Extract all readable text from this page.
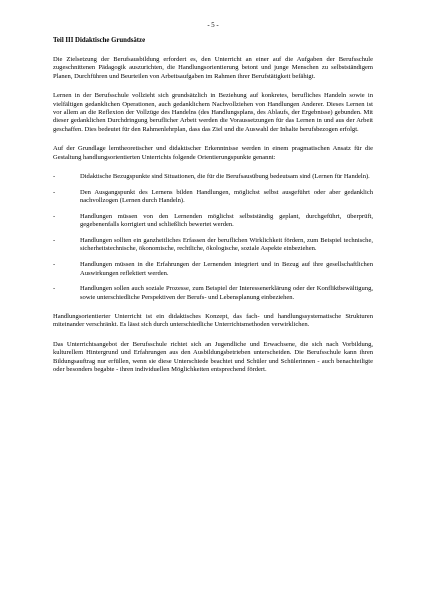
- 5 -
Teil III Didaktische Grundsätze

Die Zielsetzung der Berufsausbildung erfordert es, den Unterricht an einer auf die Aufgaben der Berufsschule zugeschnittenen Pädagogik auszurichten, die Handlungsorientierung betont und junge Menschen zu selbstständigem Planen, Durchführen und Beurteilen von Arbeitsaufgaben im Rahmen ihrer Berufstätigkeit befähigt.

Lernen in der Berufsschule vollzieht sich grundsätzlich in Beziehung auf konkretes, berufliches Handeln sowie in vielfältigen gedanklichen Operationen, auch gedanklichem Nachvollziehen von Handlungen Anderer. Dieses Lernen ist vor allem an die Reflexion der Vollzüge des Handelns (des Handlungsplans, des Ablaufs, der Ergebnisse) gebunden. Mit dieser gedanklichen Durchdringung beruflicher Arbeit werden die Voraussetzungen für das Lernen in und aus der Arbeit geschaffen. Dies bedeutet für den Rahmenlehrplan, dass das Ziel und die Auswahl der Inhalte berufsbezogen erfolgt.

Auf der Grundlage lerntheoretischer und didaktischer Erkenntnisse werden in einem pragmatischen Ansatz für die Gestaltung handlungsorientierten Unterrichts folgende Orientierungspunkte genannt:

-	Didaktische Bezugspunkte sind Situationen, die für die Berufsausübung bedeutsam sind (Lernen für Handeln).
-	Den Ausgangspunkt des Lernens bilden Handlungen, möglichst selbst ausgeführt oder aber gedanklich nachvollzogen (Lernen durch Handeln).
-	Handlungen müssen von den Lernenden möglichst selbstständig geplant, durchgeführt, überprüft, gegebenenfalls korrigiert und schließlich bewertet werden.
-	Handlungen sollten ein ganzheitliches Erfassen der beruflichen Wirklichkeit fördern, zum Beispiel technische, sicherheitstechnische, ökonomische, rechtliche, ökologische, soziale Aspekte einbeziehen.
-	Handlungen müssen in die Erfahrungen der Lernenden integriert und in Bezug auf ihre gesellschaftlichen Auswirkungen reflektiert werden.
-	Handlungen sollen auch soziale Prozesse, zum Beispiel der Interessenerklärung oder der Konfliktbewältigung, sowie unterschiedliche Perspektiven der Berufs- und Lebensplanung einbeziehen.

Handlungsorientierter Unterricht ist ein didaktisches Konzept, das fach- und handlungssystematische Strukturen miteinander verschränkt. Es lässt sich durch unterschiedliche Unterrichtsmethoden verwirklichen.

Das Unterrichtsangebot der Berufsschule richtet sich an Jugendliche und Erwachsene, die sich nach Vorbildung, kulturellem Hintergrund und Erfahrungen aus den Ausbildungsbetrieben unterscheiden. Die Berufsschule kann ihren Bildungsauftrag nur erfüllen, wenn sie diese Unterschiede beachtet und Schüler und Schülerinnen - auch benachteiligte oder besonders begabte - ihren individuellen Möglichkeiten entsprechend fördert.
